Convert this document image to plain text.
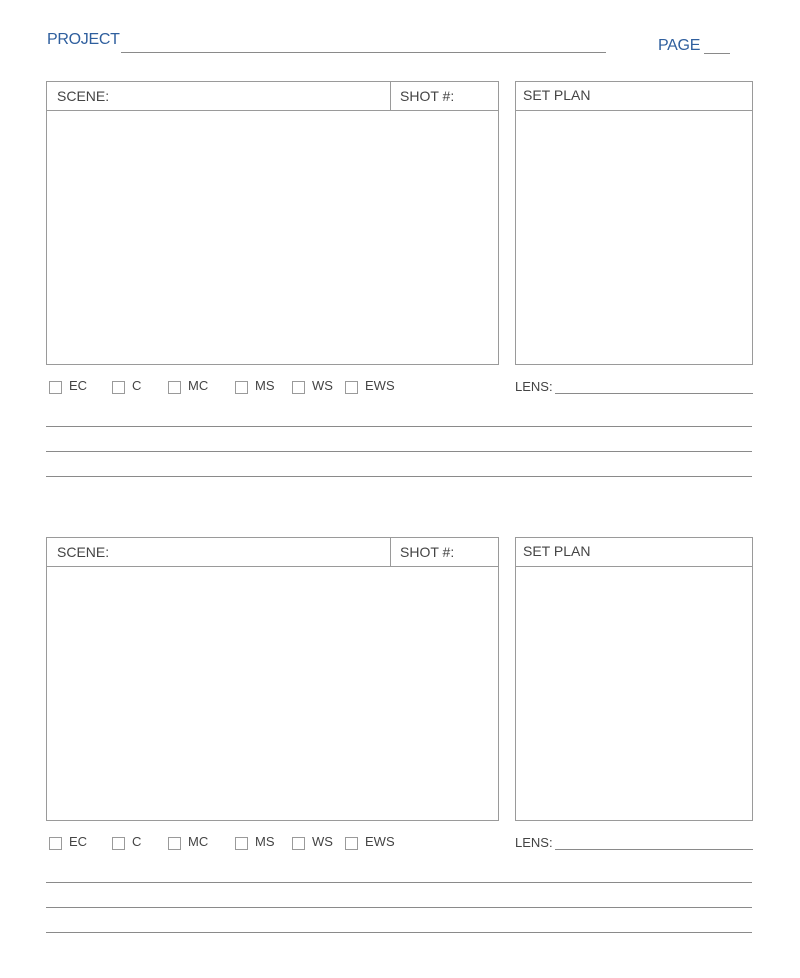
PROJECT	PAGE
SCENE:	SHOT #:	SET PLAN
EC	C	MC	MS	WS EWS	LENS:
SCENE:	SHOT #:	SET PLAN
EC	C	MC	MS	WS EWS	LENS:
